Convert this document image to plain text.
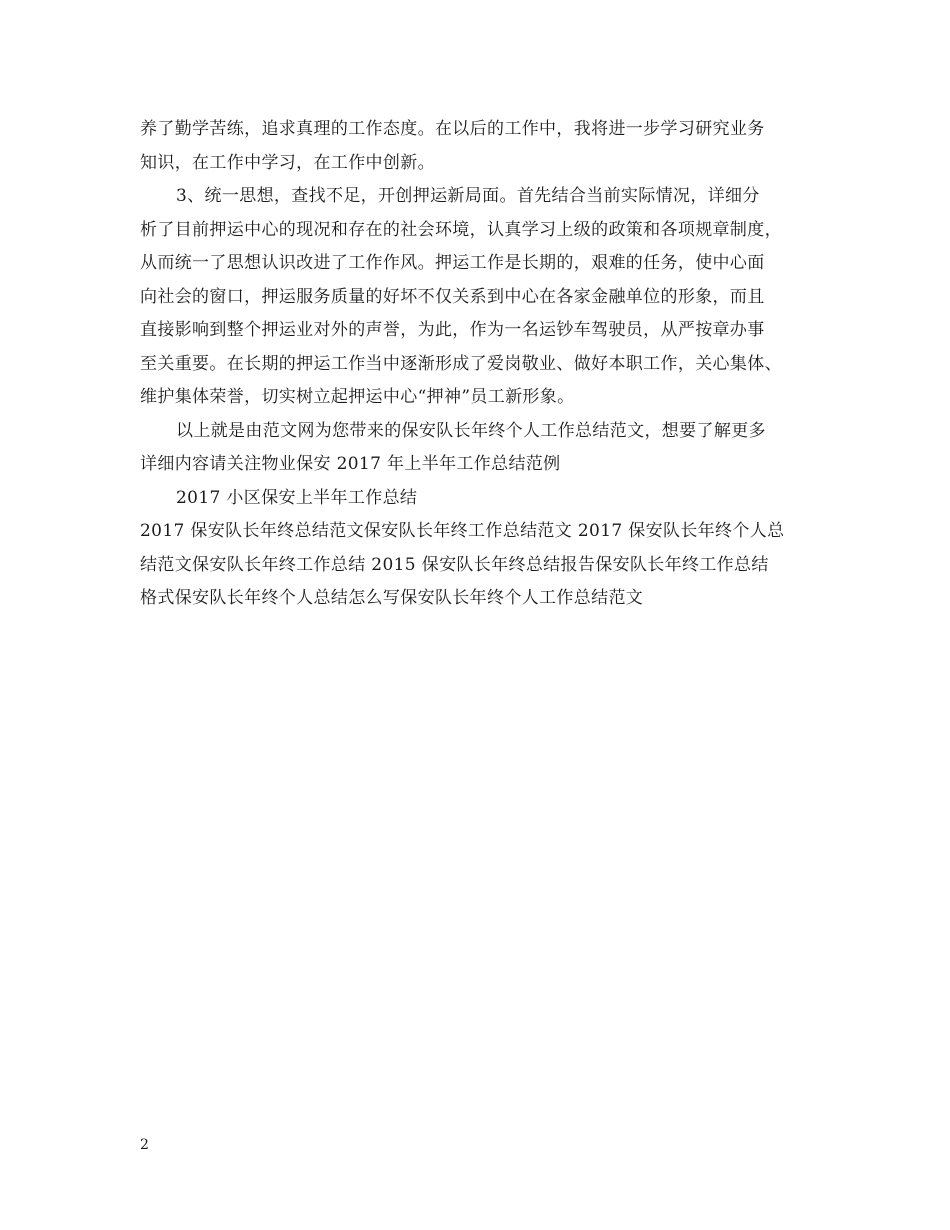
养了勤学苦练，追求真理的工作态度。在以后的工作中，我将进一步学习研究业务
知识，在工作中学习，在工作中创新。
3、统一思想，查找不足，开创押运新局面。首先结合当前实际情况，详细分
析了目前押运中心的现况和存在的社会环境，认真学习上级的政策和各项规章制度，
从而统一了思想认识改进了工作作风。押运工作是长期的，艰难的任务，使中心面
向社会的窗口，押运服务质量的好坏不仅关系到中心在各家金融单位的形象，而且
直接影响到整个押运业对外的声誉，为此，作为一名运钞车驾驶员，从严按章办事
至关重要。在长期的押运工作当中逐渐形成了爱岗敬业、做好本职工作，关心集体、
维护集体荣誉，切实树立起押运中心“押神”员工新形象。
以上就是由范文网为您带来的保安队长年终个人工作总结范文，想要了解更多
详细内容请关注物业保安 2017 年上半年工作总结范例
2017 小区保安上半年工作总结
2017 保安队长年终总结范文保安队长年终工作总结范文 2017 保安队长年终个人总
结范文保安队长年终工作总结 2015 保安队长年终总结报告保安队长年终工作总结
格式保安队长年终个人总结怎么写保安队长年终个人工作总结范文
2
